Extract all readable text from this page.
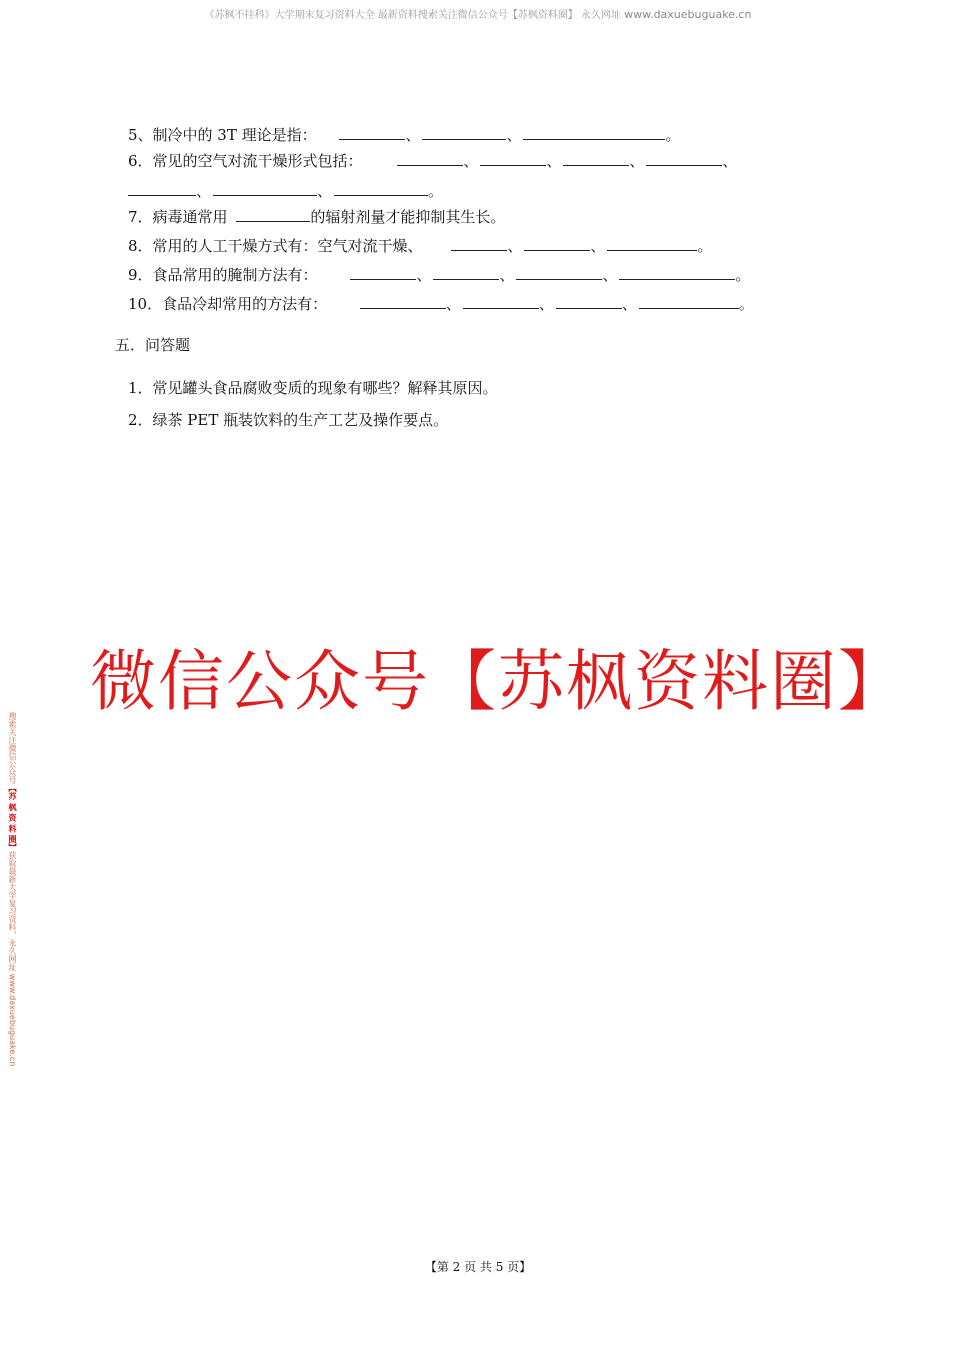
《苏枫不挂科》大学期末复习资料大全 最新资料搜索关注微信公众号【苏枫资料圈】 永久网址 www.daxuebuguake.cn
5、制冷中的 3T 理论是指：	、	、	。
6．常见的空气对流干燥形式包括：	、	、	、	、
、	、	。
7．病毒通常用	的辐射剂量才能抑制其生长。
8．常用的人工干燥方式有：空气对流干燥、	、	、	。
9．食品常用的腌制方法有：	、	、	、	。
10．食品冷却常用的方法有：	、	、	、	。
五．问答题
1．常见罐头食品腐败变质的现象有哪些？解释其原因。
2．绿茶 PET 瓶装饮料的生产工艺及操作要点。
微信公众号【苏枫资料圈】
搜索关注微信公众号【苏 枫 资 料 圈】获取最新大学复习资料，永久网址 www.daxuebuguake.cn
【第 2 页 共 5 页】
